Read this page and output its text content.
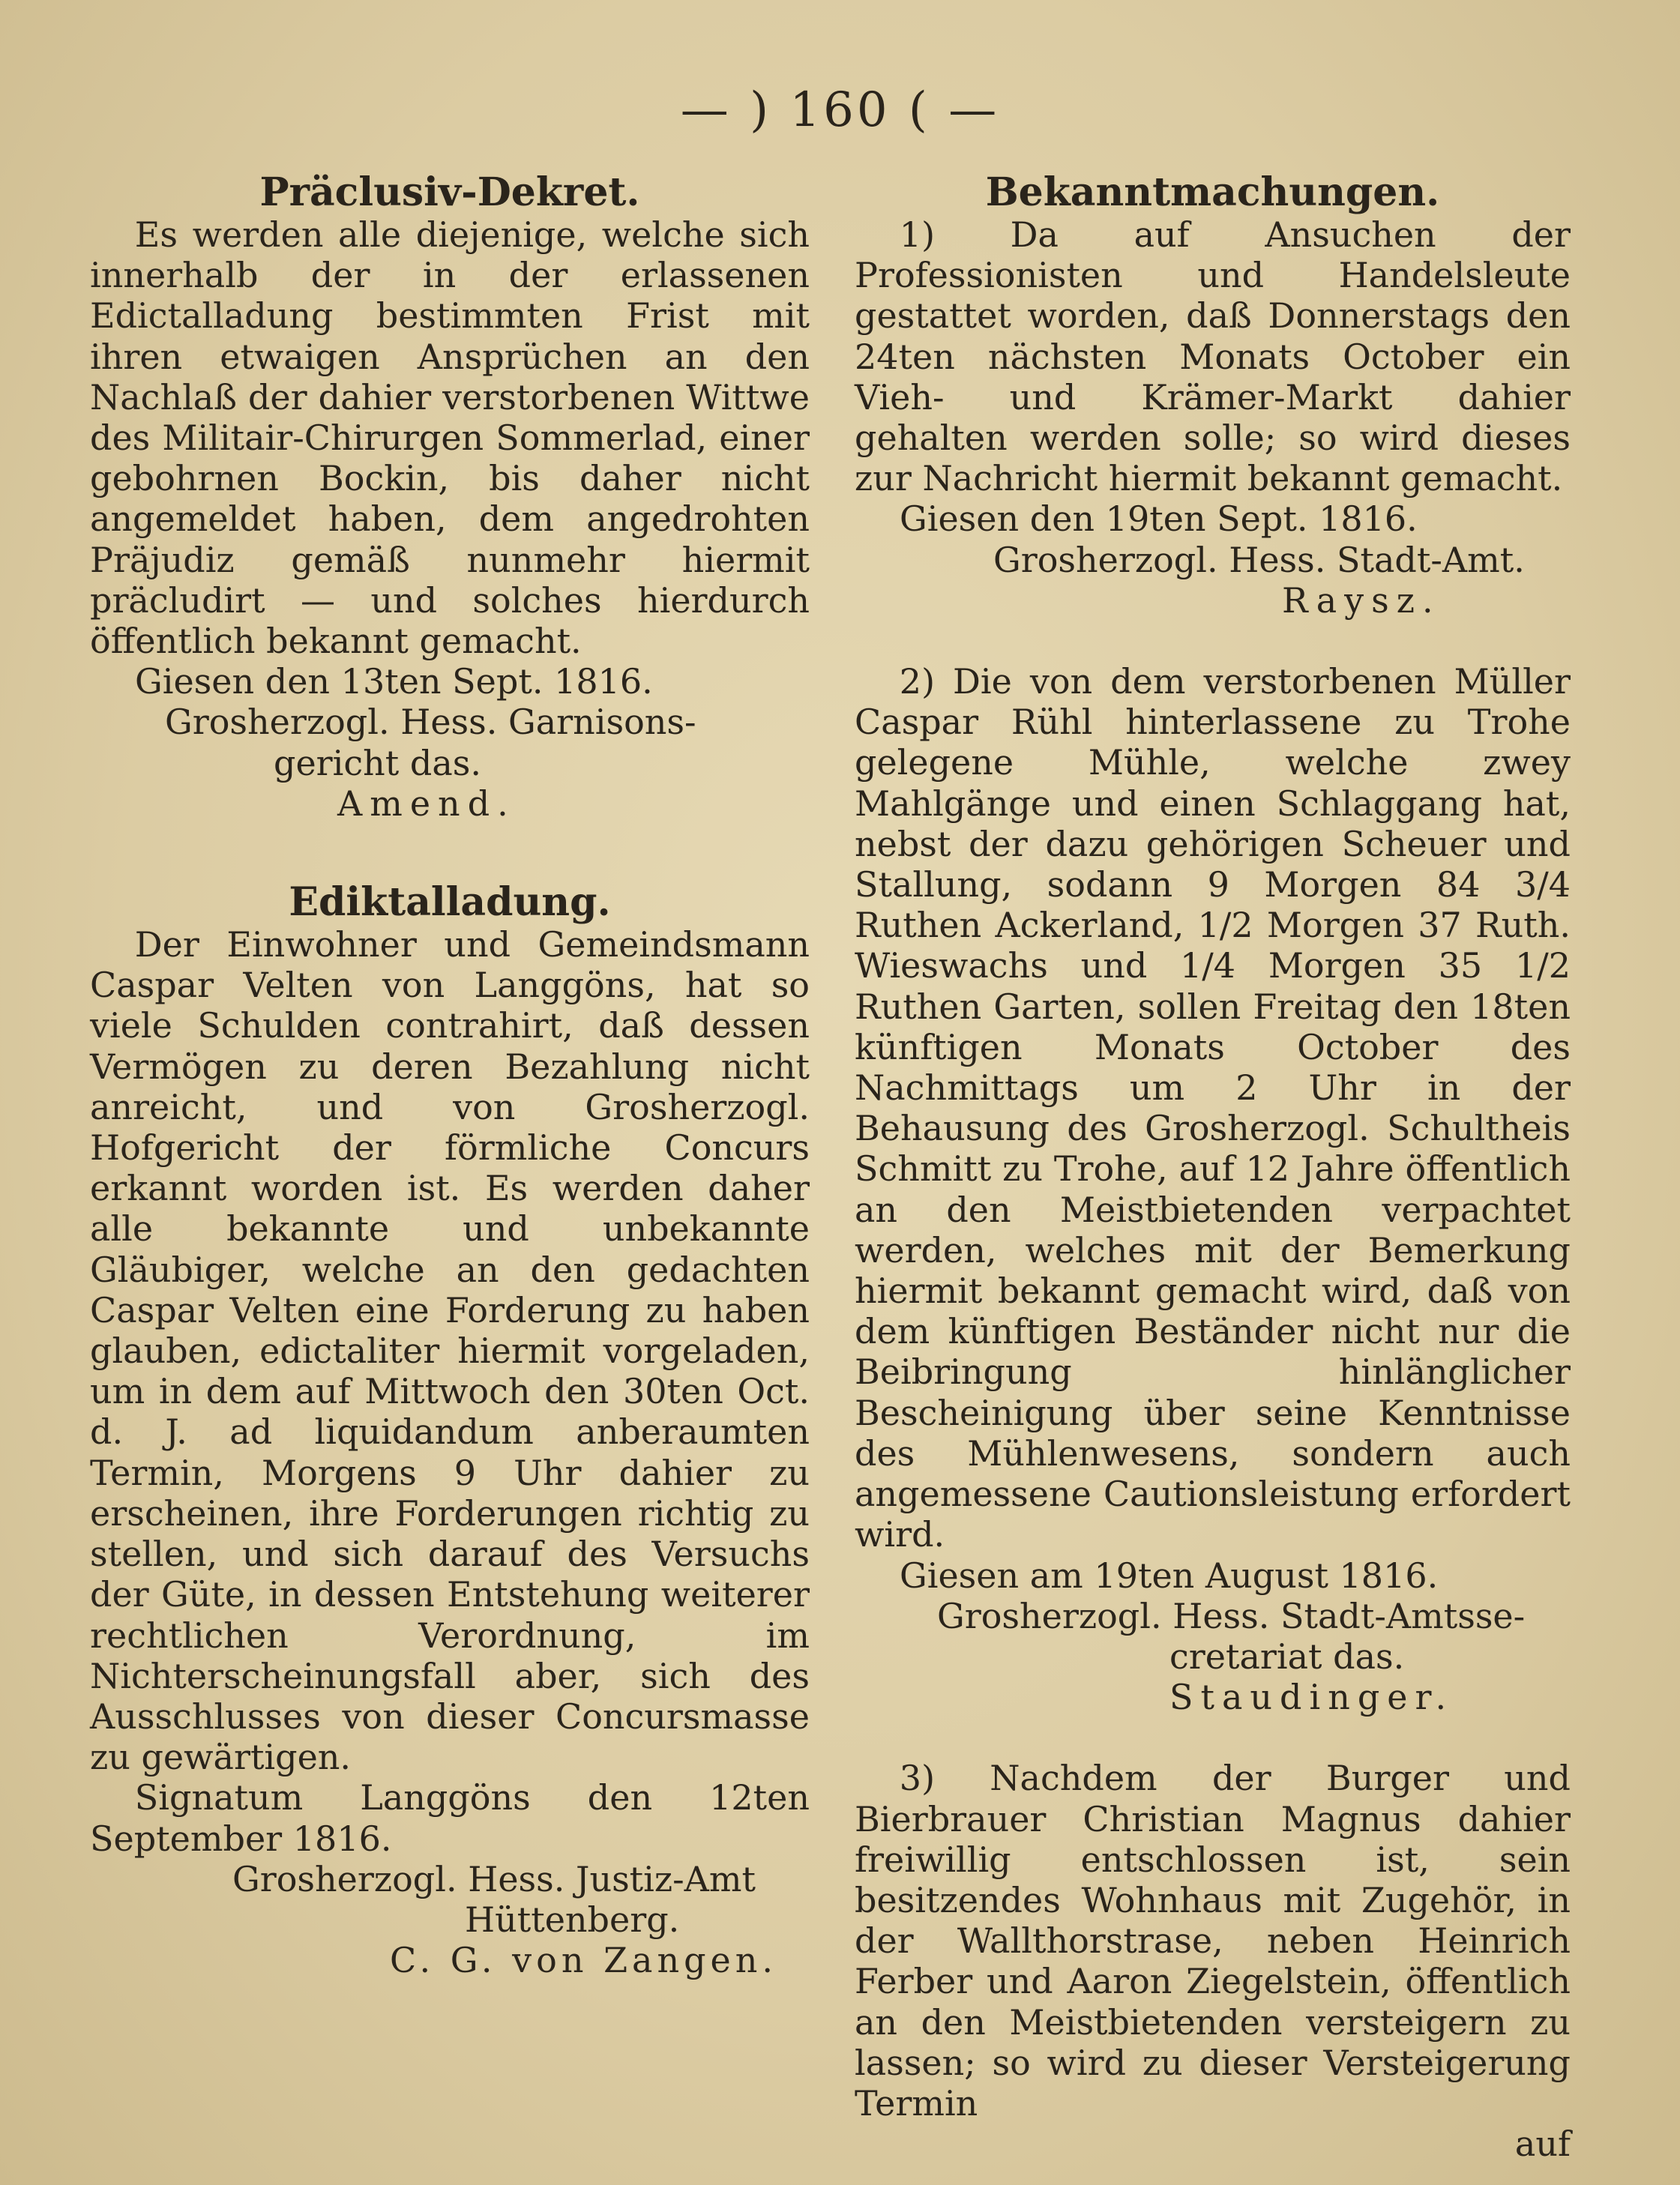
— ) 160 ( —
Präclusiv-Dekret.
Es werden alle diejenige, welche sich innerhalb der in der erlassenen Edictalladung bestimmten Frist mit ihren etwaigen Ansprüchen an den Nachlaß der dahier verstorbenen Wittwe des Militair-Chirurgen Sommerlad, einer gebohrnen Bockin, bis daher nicht angemeldet haben, dem angedrohten Präjudiz gemäß nunmehr hiermit präcludirt — und solches hierdurch öffentlich bekannt gemacht.
Giesen den 13ten Sept. 1816.
Grosherzogl. Hess. Garnisons-
gericht das.
Amend.
Ediktalladung.
Der Einwohner und Gemeindsmann Caspar Velten von Langgöns, hat so viele Schulden contrahirt, daß dessen Vermögen zu deren Bezahlung nicht anreicht, und von Grosherzogl. Hofgericht der förmliche Concurs erkannt worden ist. Es werden daher alle bekannte und unbekannte Gläubiger, welche an den gedachten Caspar Velten eine Forderung zu haben glauben, edictaliter hiermit vorgeladen, um in dem auf Mittwoch den 30ten Oct. d. J. ad liquidandum anberaumten Termin, Morgens 9 Uhr dahier zu erscheinen, ihre Forderungen richtig zu stellen, und sich darauf des Versuchs der Güte, in dessen Entstehung weiterer rechtlichen Verordnung, im Nichterscheinungsfall aber, sich des Ausschlusses von dieser Concursmasse zu gewärtigen.
Signatum Langgöns den 12ten September 1816.
Grosherzogl. Hess. Justiz-Amt
Hüttenberg.
C. G. von Zangen.
Bekanntmachungen.
1) Da auf Ansuchen der Professionisten und Handelsleute gestattet worden, daß Donnerstags den 24ten nächsten Monats October ein Vieh- und Krämer-Markt dahier gehalten werden solle; so wird dieses zur Nachricht hiermit bekannt gemacht.
Giesen den 19ten Sept. 1816.
Grosherzogl. Hess. Stadt-Amt.
Raysz.
2) Die von dem verstorbenen Müller Caspar Rühl hinterlassene zu Trohe gelegene Mühle, welche zwey Mahlgänge und einen Schlaggang hat, nebst der dazu gehörigen Scheuer und Stallung, sodann 9 Morgen 84 3/4 Ruthen Ackerland, 1/2 Morgen 37 Ruth. Wieswachs und 1/4 Morgen 35 1/2 Ruthen Garten, sollen Freitag den 18ten künftigen Monats October des Nachmittags um 2 Uhr in der Behausung des Grosherzogl. Schultheis Schmitt zu Trohe, auf 12 Jahre öffentlich an den Meistbietenden verpachtet werden, welches mit der Bemerkung hiermit bekannt gemacht wird, daß von dem künftigen Beständer nicht nur die Beibringung hinlänglicher Bescheinigung über seine Kenntnisse des Mühlenwesens, sondern auch angemessene Cautionsleistung erfordert wird.
Giesen am 19ten August 1816.
Grosherzogl. Hess. Stadt-Amtsse-
cretariat das.
Staudinger.
3) Nachdem der Burger und Bierbrauer Christian Magnus dahier freiwillig entschlossen ist, sein besitzendes Wohnhaus mit Zugehör, in der Wallthorstrase, neben Heinrich Ferber und Aaron Ziegelstein, öffentlich an den Meistbietenden versteigern zu lassen; so wird zu dieser Versteigerung Termin
auf
